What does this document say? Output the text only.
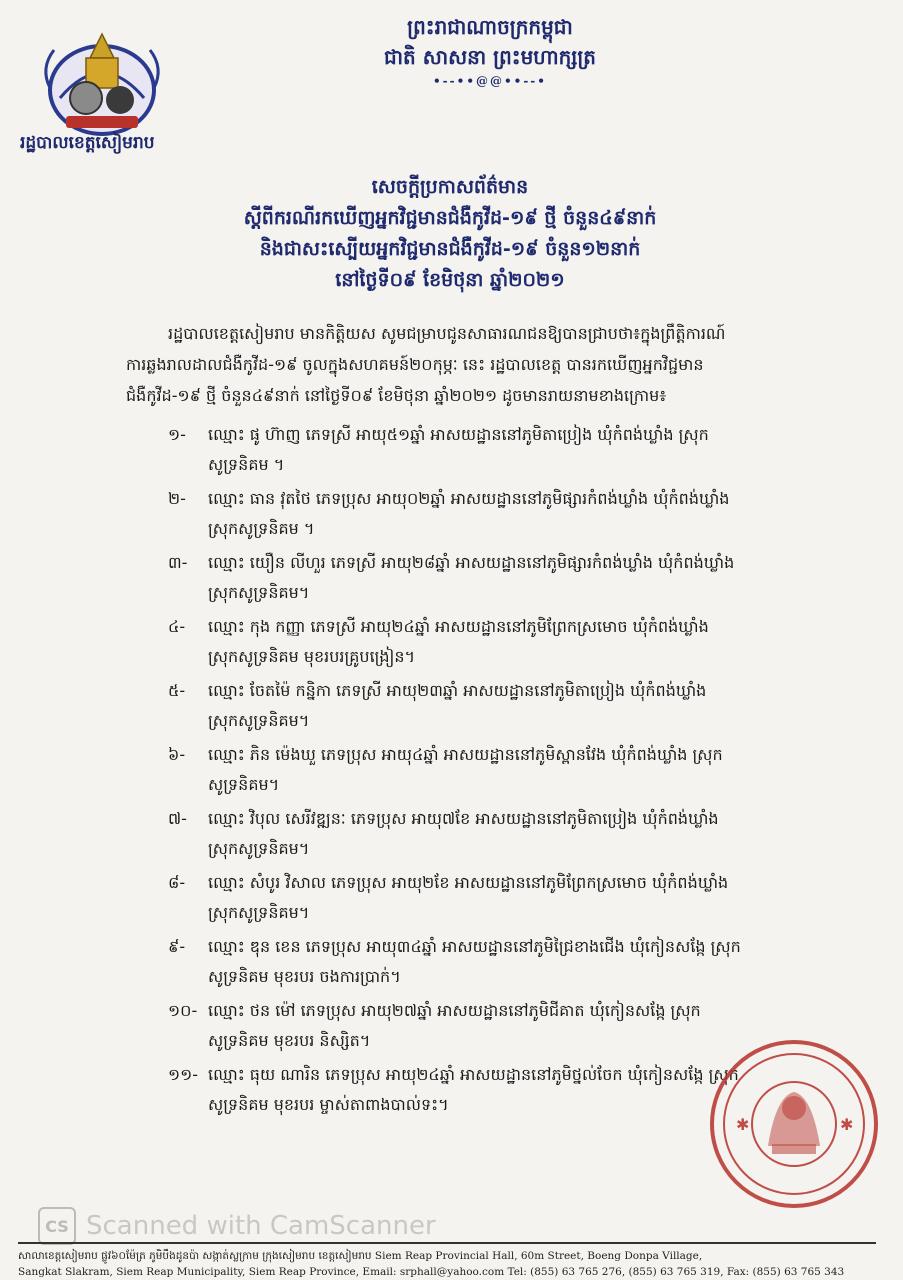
រដ្ឋបាលខេត្តសៀមរាប
ព្រះរាជាណាចក្រកម្ពុជា
ជាតិ សាសនា ព្រះមហាក្សត្រ
•--••@@••--•
សេចក្ដីប្រកាសព័ត៌មាន
ស្ដីពីករណីរកឃើញអ្នកវិជ្ជមានជំងឺកូវីដ-១៩ ថ្មី ចំនួន៤៩នាក់
និងជាសះស្បើយអ្នកវិជ្ជមានជំងឺកូវីដ-១៩ ចំនួន១២នាក់
នៅថ្ងៃទី០៩ ខែមិថុនា ឆ្នាំ២០២១
រដ្ឋបាលខេត្តសៀមរាប មានកិត្តិយស សូមជម្រាបជូនសាធារណជនឱ្យបានជ្រាបថា៖ក្នុងព្រឹត្តិការណ៍
ការឆ្លងរាលដាលជំងឺកូវីដ-១៩ ចូលក្នុងសហគមន៍២០កុម្ភៈ នេះ រដ្ឋបាលខេត្ត បានរកឃើញអ្នកវិជ្ជមាន
ជំងឺកូវីដ-១៩ ថ្មី ចំនួន៤៩នាក់ នៅថ្ងៃទី០៩ ខែមិថុនា ឆ្នាំ២០២១ ដូចមានរាយនាមខាងក្រោម៖
១- ឈ្មោះ ផូ ហ៊ាញ ភេទស្រី អាយុ៥១ឆ្នាំ អាសយដ្ឋាននៅភូមិតាប្រៀង ឃុំកំពង់ឃ្លាំង ស្រុក
សូទ្រនិគម ។
២- ឈ្មោះ ធាន វុតថៃ ភេទប្រុស អាយុ០២ឆ្នាំ អាសយដ្ឋាននៅភូមិផ្សារកំពង់ឃ្លាំង ឃុំកំពង់ឃ្លាំង
ស្រុកសូទ្រនិគម ។
៣- ឈ្មោះ យឿន លីហួរ ភេទស្រី អាយុ២៨ឆ្នាំ អាសយដ្ឋាននៅភូមិផ្សារកំពង់ឃ្លាំង ឃុំកំពង់ឃ្លាំង
ស្រុកសូទ្រនិគម។
៤- ឈ្មោះ កុង កញ្ញា ភេទស្រី អាយុ២៤ឆ្នាំ អាសយដ្ឋាននៅភូមិព្រែកស្រមោច ឃុំកំពង់ឃ្លាំង
ស្រុកសូទ្រនិគម មុខរបរគ្រូបង្រៀន។
៥- ឈ្មោះ ចែតម៉ៃ កន្និកា ភេទស្រី អាយុ២៣ឆ្នាំ អាសយដ្ឋាននៅភូមិតាប្រៀង ឃុំកំពង់ឃ្លាំង
ស្រុកសូទ្រនិគម។
៦- ឈ្មោះ ភិន ម៉េងឃួ ភេទប្រុស អាយុ៤ឆ្នាំ អាសយដ្ឋាននៅភូមិស្ពានវែង ឃុំកំពង់ឃ្លាំង ស្រុក
សូទ្រនិគម។
៧- ឈ្មោះ វិបុល សេរីវឌ្ឍនៈ ភេទប្រុស អាយុ៧ខែ អាសយដ្ឋាននៅភូមិតាប្រៀង ឃុំកំពង់ឃ្លាំង
ស្រុកសូទ្រនិគម។
៨- ឈ្មោះ សំបូរ វិសាល ភេទប្រុស អាយុ២ខែ អាសយដ្ឋាននៅភូមិព្រែកស្រមោច ឃុំកំពង់ឃ្លាំង
ស្រុកសូទ្រនិគម។
៩- ឈ្មោះ ឌុន ខេន ភេទប្រុស អាយុ៣៤ឆ្នាំ អាសយដ្ឋាននៅភូមិជ្រៃខាងជើង ឃុំកៀនសង្កែ ស្រុក
សូទ្រនិគម មុខរបរ ចងការប្រាក់។
១០- ឈ្មោះ ថន ម៉ៅ ភេទប្រុស អាយុ២៧ឆ្នាំ អាសយដ្ឋាននៅភូមិជីគាត ឃុំកៀនសង្កែ ស្រុក
សូទ្រនិគម មុខរបរ និស្សិត។
១១- ឈ្មោះ ធុយ ណារិន ភេទប្រុស អាយុ២៤ឆ្នាំ អាសយដ្ឋាននៅភូមិថ្នល់ចែក ឃុំកៀនសង្កែ ស្រុក
សូទ្រនិគម មុខរបរ ម្ចាស់តាពាងបាល់ទះ។
✱	✱
CS Scanned with CamScanner
សាលាខេត្តសៀមរាប ផ្លូវ៦០ម៉ែត្រ ភូមិបឹងដូនប៉ា សង្កាត់ស្លក្រាម ក្រុងសៀមរាប ខេត្តសៀមរាប Siem Reap Provincial Hall, 60m Street, Boeng Donpa Village,
Sangkat Slakram, Siem Reap Municipality, Siem Reap Province, Email: srphall@yahoo.com Tel: (855) 63 765 276, (855) 63 765 319, Fax: (855) 63 765 343
